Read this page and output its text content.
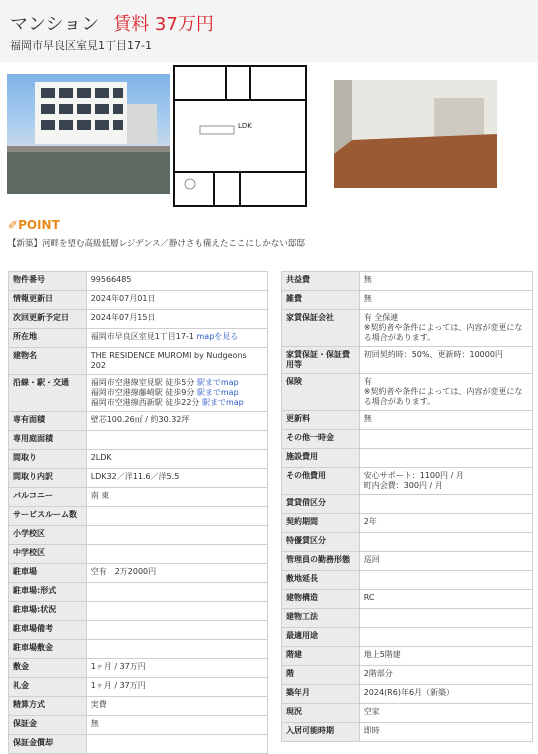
マンション 賃料 37万円
福岡市早良区室見1丁目17-1
LDK
✐POINT
【新築】河畔を望む高級低層レジデンス／静けさも備えたここにしかない邸邸
物件番号	99566485
情報更新日	2024年07月01日
次回更新予定日	2024年07月15日
所在地	福岡市早良区室見1丁目17-1 mapを見る
建物名	THE RESIDENCE MUROMI by Nudgeons 202
沿線・駅・交通	福岡市空港線室見駅 徒歩5分 駅までmap
福岡市空港線藤崎駅 徒歩9分 駅までmap
福岡市空港線西新駅 徒歩22分 駅までmap

専有面積	壁芯100.26㎡ / 約30.32坪
専用庭面積	
間取り	2LDK
間取り内訳	LDK32／洋11.6／洋5.5
バルコニー	南 東
サービスルーム数	
小学校区	
中学校区	
駐車場	空有　2万2000円
駐車場:形式	
駐車場:状況	
駐車場備考	
駐車場敷金	
敷金	1ヶ月 / 37万円
礼金	1ヶ月 / 37万円
精算方式	実費
保証金	無
保証金償却	
共益費	無
雑費	無
家賃保証会社	有 全保連
※契約者や条件によっては、内容が変更になる場合があります。
家賃保証・保証費用等	初回契約時：50%、更新時：10000円
保険	有
※契約者や条件によっては、内容が変更になる場合があります。
更新料	無
その他一時金	
施設費用	
その他費用	安心サポート：1100円 / 月
町内会費：300円 / 月
賃貸借区分	
契約期間	2年
特優賃区分	
管理員の勤務形態	巡回
敷地延長	
建物構造	RC
建物工法	
最適用途	
階建	地上5階建
階	2階部分
築年月	2024(R6)年6月（新築）
現況	空家
入居可能時期	即時
